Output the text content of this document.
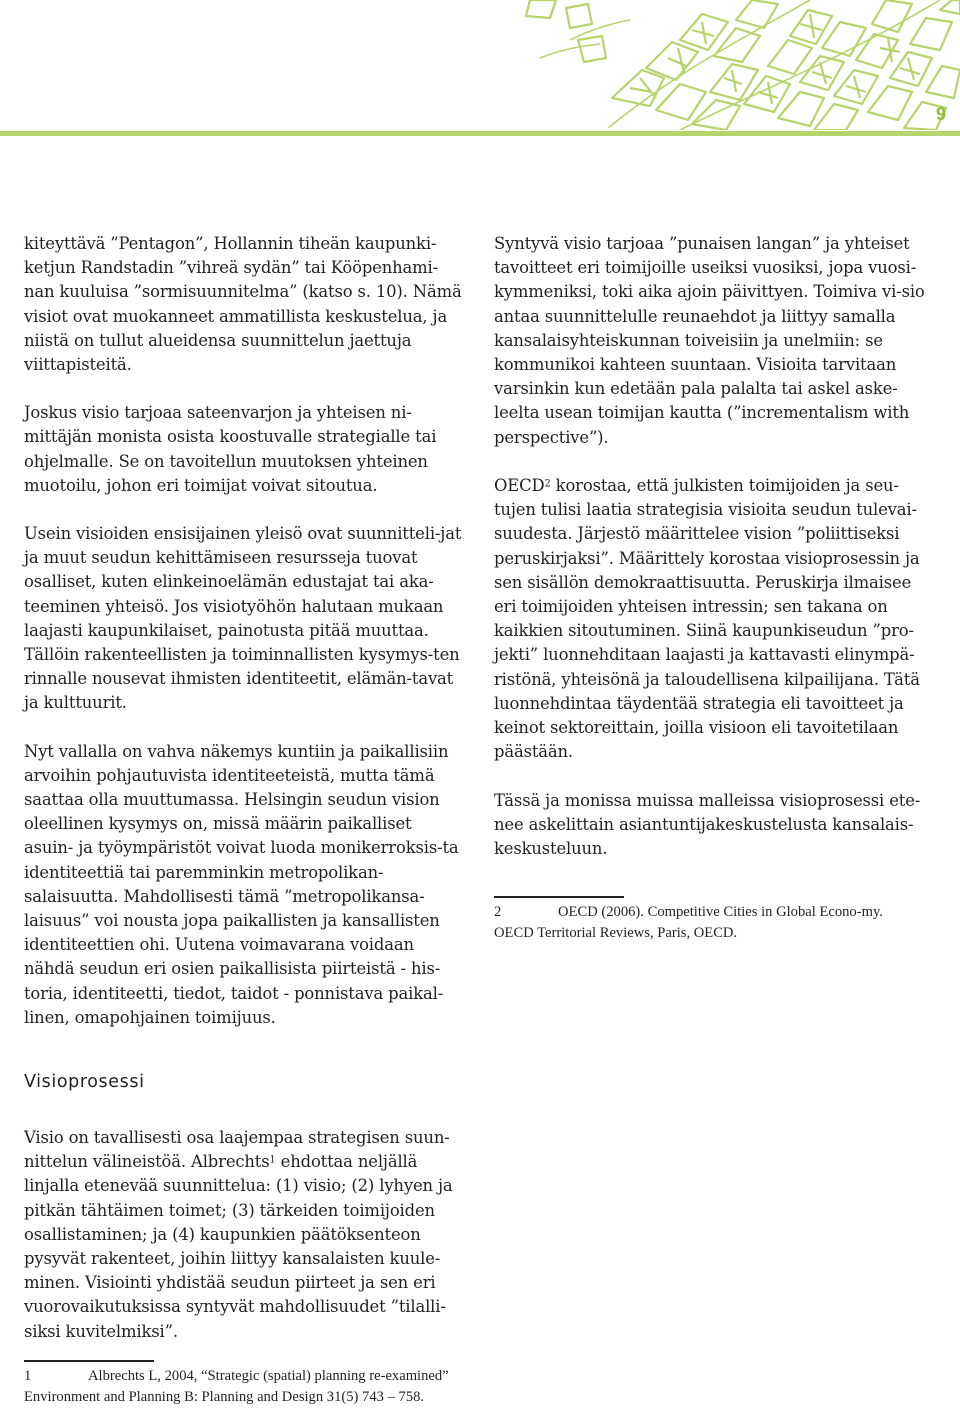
9

kiteyttävä ”Pentagon”, Hollannin tiheän kaupunki-ketjun Randstadin ”vihreä sydän” tai Kööpenhami-nan kuuluisa ”sormisuunnitelma” (katso s. 10). Nämä visiot ovat muokanneet ammatillista keskustelua, ja niistä on tullut alueidensa suunnittelun jaettuja viittapisteitä.

Joskus visio tarjoaa sateenvarjon ja yhteisen ni-mittäjän monista osista koostuvalle strategialle tai ohjelmalle. Se on tavoitellun muutoksen yhteinen muotoilu, johon eri toimijat voivat sitoutua.

Usein visioiden ensisijainen yleisö ovat suunnitteli-jat ja muut seudun kehittämiseen resursseja tuovat osalliset, kuten elinkeinoelämän edustajat tai aka-teeminen yhteisö. Jos visiotyöhön halutaan mukaan laajasti kaupunkilaiset, painotusta pitää muuttaa. Tällöin rakenteellisten ja toiminnallisten kysymys-ten rinnalle nousevat ihmisten identiteetit, elämän-tavat ja kulttuurit.

Nyt vallalla on vahva näkemys kuntiin ja paikallisiin arvoihin pohjautuvista identiteeteistä, mutta tämä saattaa olla muuttumassa. Helsingin seudun vision oleellinen kysymys on, missä määrin paikalliset asuin- ja työympäristöt voivat luoda monikerroksis-ta identiteettiä tai paremminkin metropolikan-salaisuutta. Mahdollisesti tämä ”metropolikansa-laisuus” voi nousta jopa paikallisten ja kansallisten identiteettien ohi. Uutena voimavarana voidaan nähdä seudun eri osien paikallisista piirteistä - his-toria, identiteetti, tiedot, taidot - ponnistava paikal-linen, omapohjainen toimijuus.

Syntyvä visio tarjoaa ”punaisen langan” ja yhteiset tavoitteet eri toimijoille useiksi vuosiksi, jopa vuosi-kymmeniksi, toki aika ajoin päivittyen. Toimiva vi-sio antaa suunnittelulle reunaehdot ja liittyy samalla kansalaisyhteiskunnan toiveisiin ja unelmiin: se kommunikoi kahteen suuntaan. Visioita tarvitaan varsinkin kun edetään pala palalta tai askel aske-leelta usean toimijan kautta (”incrementalism with perspective”).

OECD$^2$ korostaa, että julkisten toimijoiden ja seu-tujen tulisi laatia strategisia visioita seudun tulevai-suudesta. Järjestö määrittelee vision ”poliittiseksi peruskirjaksi”. Määrittely korostaa visioprosessin ja sen sisällön demokraattisuutta. Peruskirja ilmaisee eri toimijoiden yhteisen intressin; sen takana on kaikkien sitoutuminen. Siinä kaupunkiseudun ”pro-jekti” luonnehditaan laajasti ja kattavasti elinympä-ristönä, yhteisönä ja taloudellisena kilpailijana. Tätä luonnehdintaa täydentää strategia eli tavoitteet ja keinot sektoreittain, joilla visioon eli tavoitetilaan päästään.

Tässä ja monissa muissa malleissa visioprosessi ete-nee askelittain asiantuntijakeskustelusta kansalais-keskusteluun.

2	OECD (2006). Competitive Cities in Global Econo-my. OECD Territorial Reviews, Paris, OECD.
Visioprosessi

Visio on tavallisesti osa laajempaa strategisen suun-nittelun välineistöä. Albrechts$^1$ ehdottaa neljällä linjalla etenevää suunnittelua: (1) visio; (2) lyhyen ja pitkän tähtäimen toimet; (3) tärkeiden toimijoiden osallistaminen; ja (4) kaupunkien päätöksenteon pysyvät rakenteet, joihin liittyy kansalaisten kuule-minen. Visiointi yhdistää seudun piirteet ja sen eri vuorovaikutuksissa syntyvät mahdollisuudet ”tilalli-siksi kuvitelmiksi”.

1	Albrechts L, 2004, “Strategic (spatial) planning re-examined” Environment and Planning B: Planning and Design 31(5) 743 – 758.
